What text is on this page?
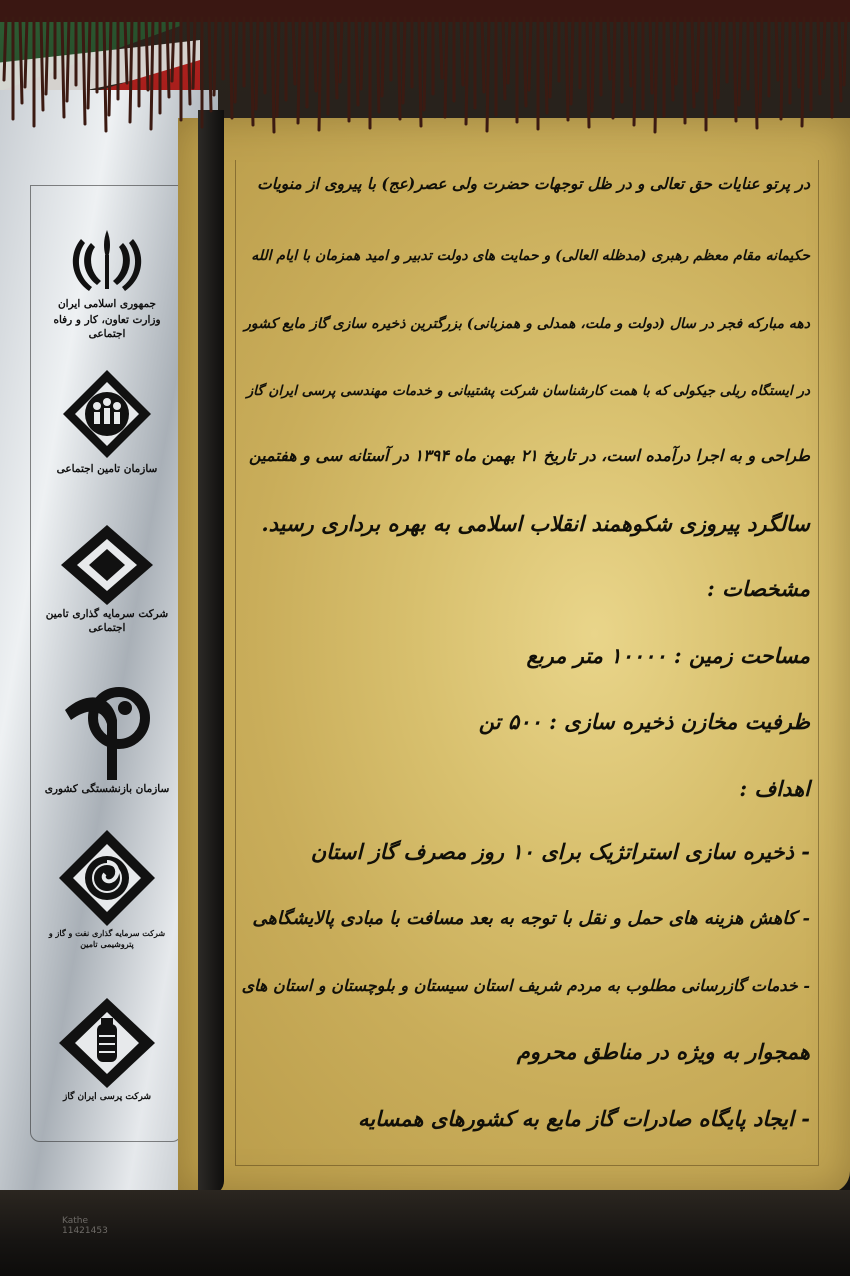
جمهوری اسلامی ایران
وزارت تعاون، کار و رفاه اجتماعی
سازمان تامین اجتماعی
شرکت سرمایه گذاری تامین اجتماعی
سازمان بازنشستگی کشوری
شرکت سرمایه گذاری نفت و گاز و پتروشیمی تامین
شرکت پرسی ایران گاز
در پرتو عنایات حق تعالی و در ظل توجهات حضرت ولی عصر(عج) با پیروی از منویات
حکیمانه مقام معظم رهبری (مدظله العالی) و حمایت های دولت تدبیر و امید همزمان با ایام الله
دهه مبارکه فجر در سال (دولت و ملت، همدلی و همزبانی) بزرگترین ذخیره سازی گاز مایع کشور
در ایستگاه ریلی جیکولی که با همت کارشناسان شرکت پشتیبانی و خدمات مهندسی پرسی ایران گاز
طراحی و به اجرا درآمده است، در تاریخ ۲۱ بهمن ماه ۱۳۹۴ در آستانه سی و هفتمین
سالگرد پیروزی شکوهمند انقلاب اسلامی به بهره برداری رسید.
مشخصات :
مساحت زمین : ۱۰۰۰۰ متر مربع
ظرفیت مخازن ذخیره سازی : ۵۰۰ تن
اهداف :
- ذخیره سازی استراتژیک برای ۱۰ روز مصرف گاز استان
- کاهش هزینه های حمل و نقل با توجه به بعد مسافت با مبادی پالایشگاهی
- خدمات گازرسانی مطلوب به مردم شریف استان سیستان و بلوچستان و استان های
همجوار به ویژه در مناطق محروم
- ایجاد پایگاه صادرات گاز مایع به کشورهای همسایه
Kathe
11421453
